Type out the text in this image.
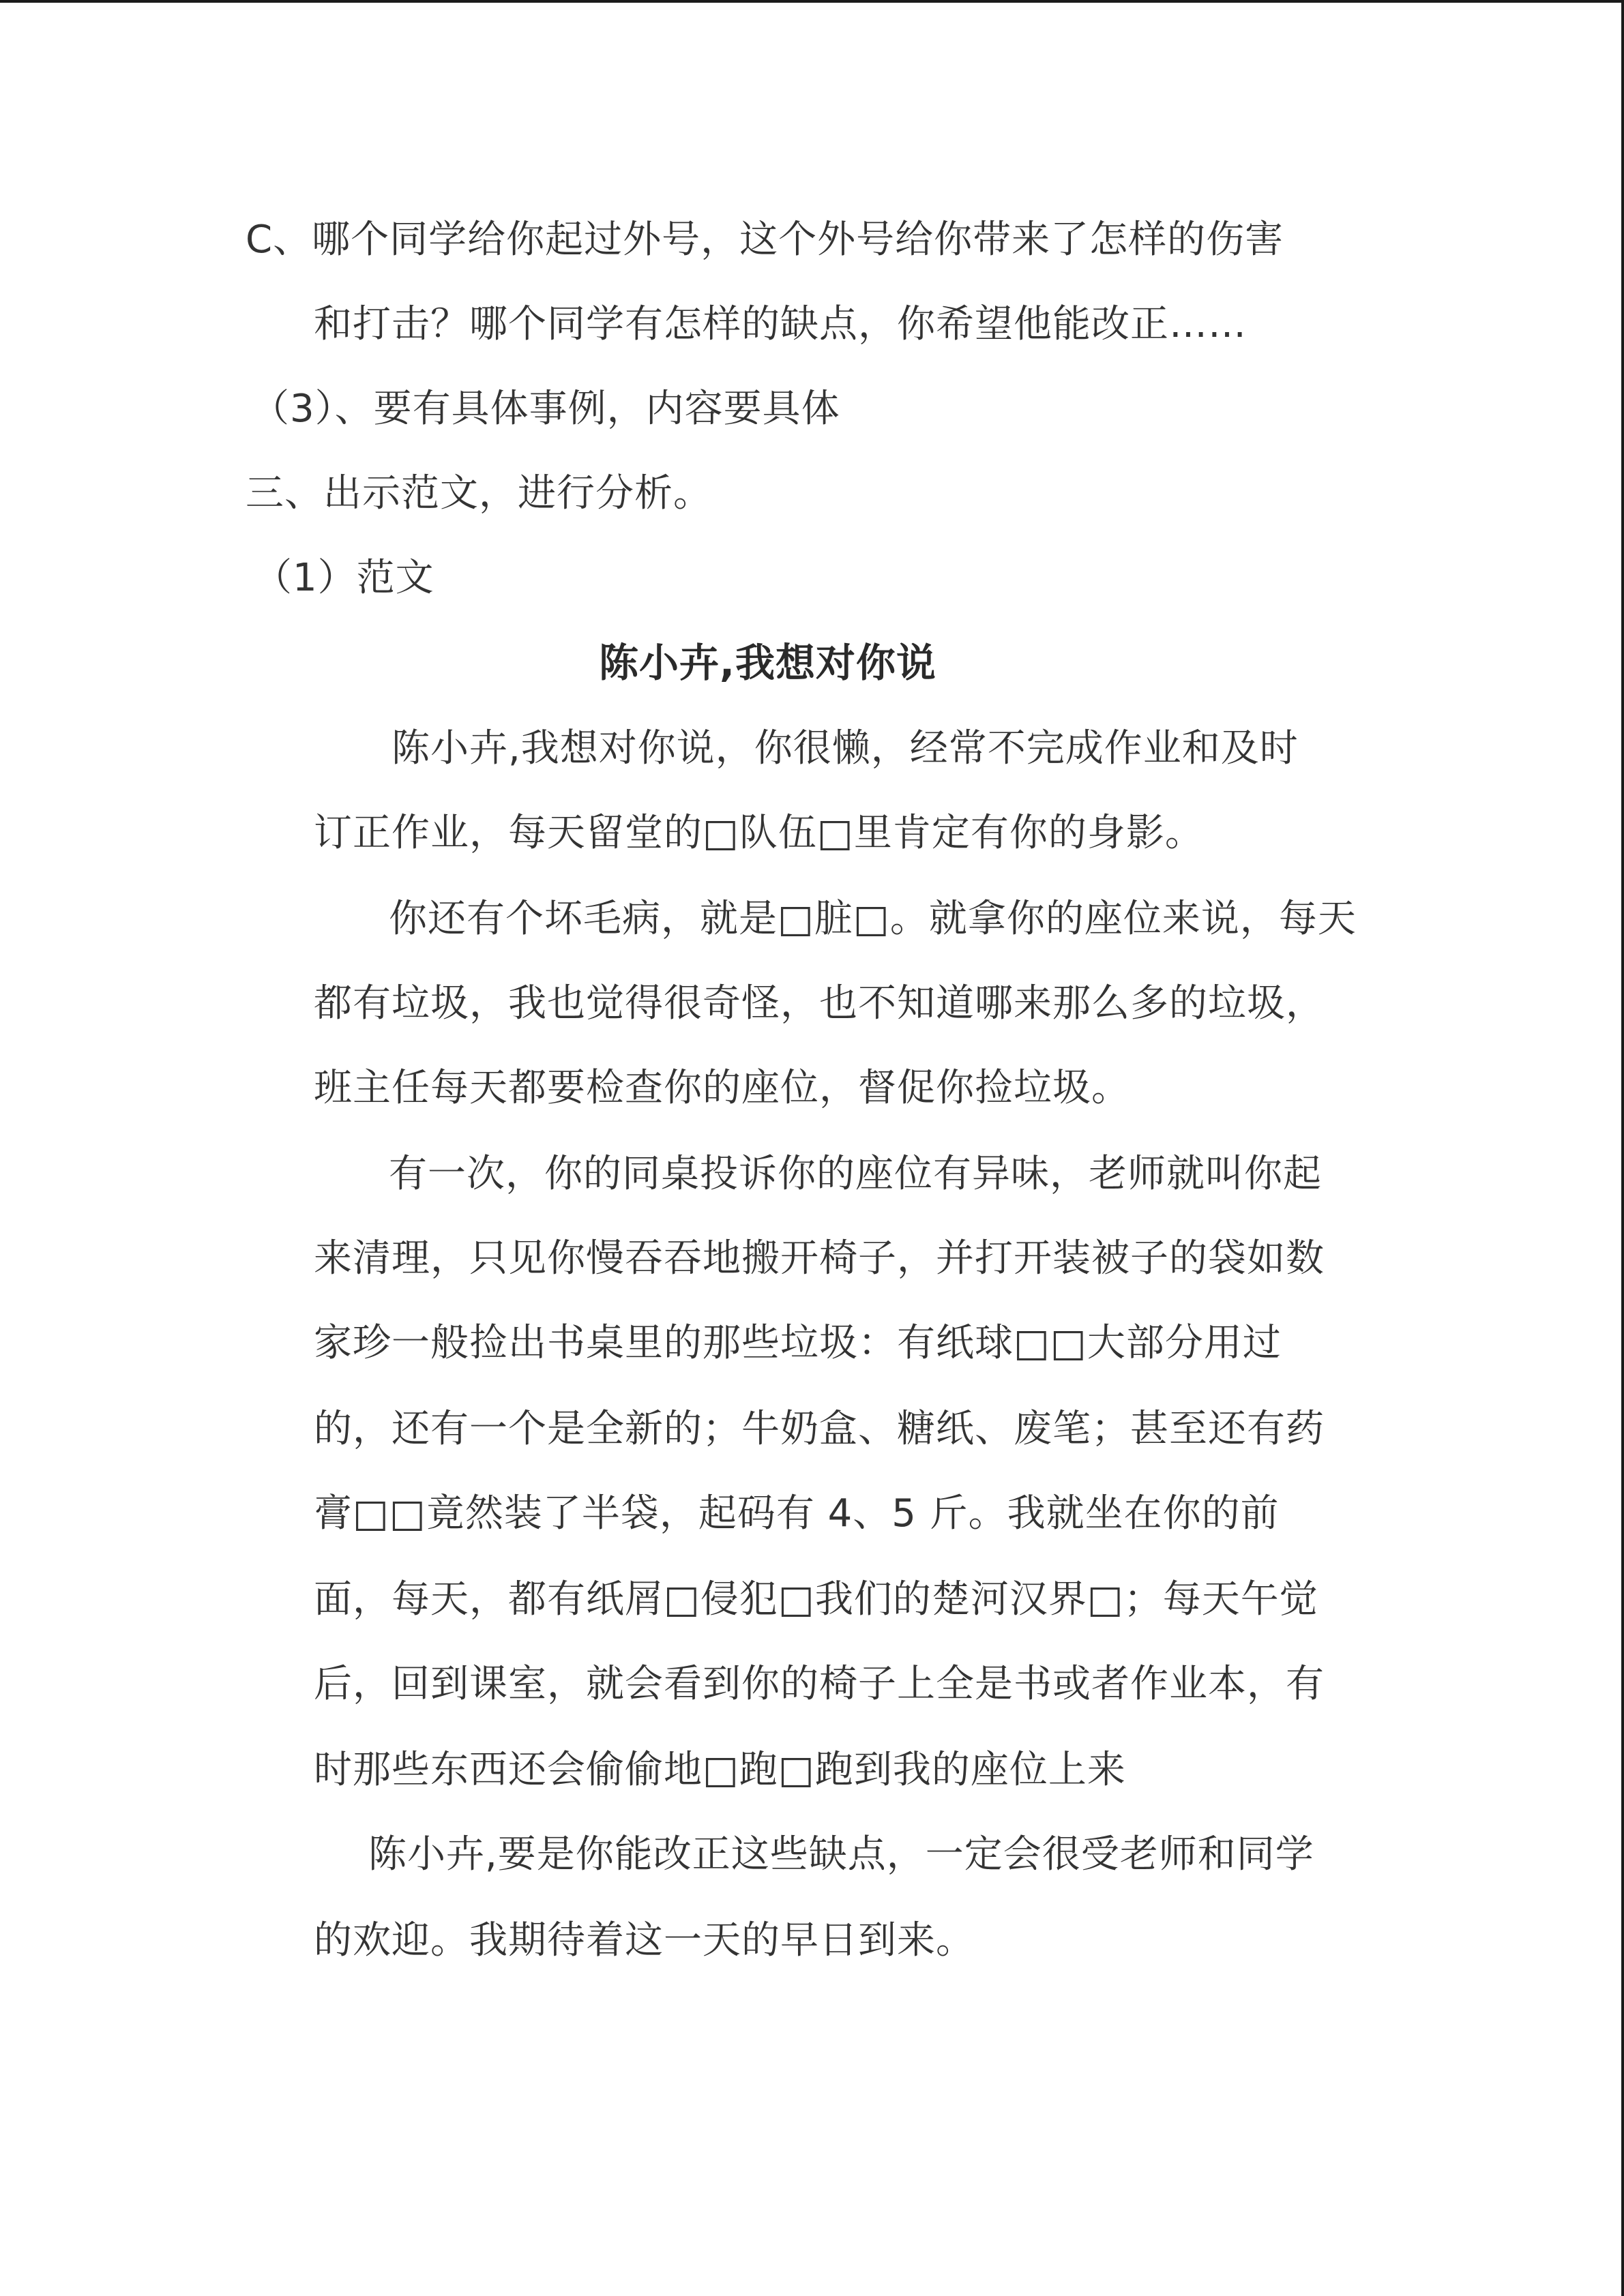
C、哪个同学给你起过外号，这个外号给你带来了怎样的伤害
和打击？哪个同学有怎样的缺点，你希望他能改正……
（3）、要有具体事例，内容要具体
三、出示范文，进行分析。
（1）范文
陈小卉,我想对你说
陈小卉,我想对你说，你很懒，经常不完成作业和及时
订正作业，每天留堂的□队伍□里肯定有你的身影。
你还有个坏毛病，就是□脏□。就拿你的座位来说，每天
都有垃圾，我也觉得很奇怪，也不知道哪来那么多的垃圾，
班主任每天都要检查你的座位，督促你捡垃圾。
有一次，你的同桌投诉你的座位有异味，老师就叫你起
来清理，只见你慢吞吞地搬开椅子，并打开装被子的袋如数
家珍一般捡出书桌里的那些垃圾：有纸球□□大部分用过
的，还有一个是全新的；牛奶盒、糖纸、废笔；甚至还有药
膏□□竟然装了半袋，起码有 4、5 斤。我就坐在你的前
面，每天，都有纸屑□侵犯□我们的楚河汉界□；每天午觉
后，回到课室，就会看到你的椅子上全是书或者作业本，有
时那些东西还会偷偷地□跑□跑到我的座位上来
陈小卉,要是你能改正这些缺点，一定会很受老师和同学
的欢迎。我期待着这一天的早日到来。
